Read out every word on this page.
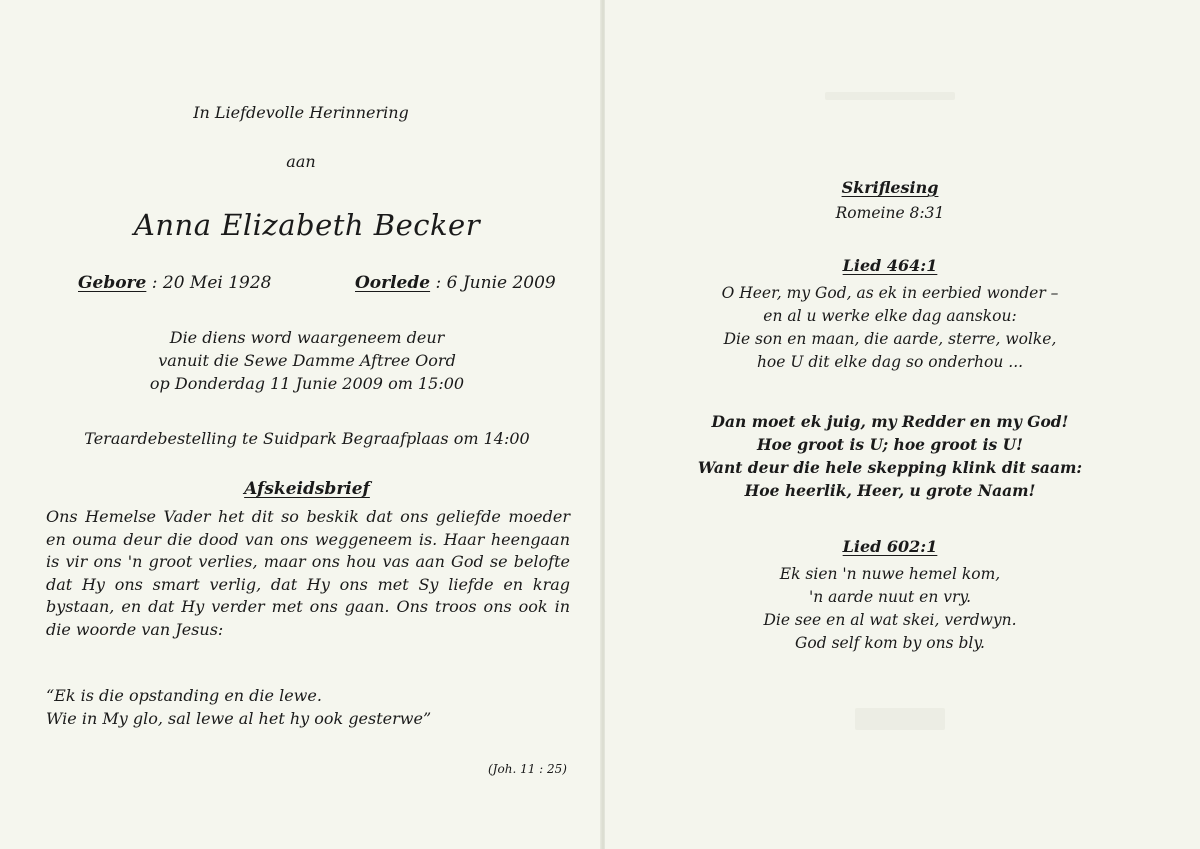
In Liefdevolle Herinnering
aan
Anna Elizabeth Becker
Gebore : 20 Mei 1928	Oorlede : 6 Junie 2009
Die diens word waargeneem deur
vanuit die Sewe Damme Aftree Oord
op Donderdag 11 Junie 2009 om 15:00
Teraardebestelling te Suidpark Begraafplaas om 14:00
Afskeidsbrief
Ons Hemelse Vader het dit so beskik dat ons geliefde moeder en ouma deur die dood van ons weggeneem is. Haar heengaan is vir ons 'n groot verlies, maar ons hou vas aan God se belofte dat Hy ons smart verlig, dat Hy ons met Sy liefde en krag bystaan, en dat Hy verder met ons gaan. Ons troos ons ook in die woorde van Jesus:
“Ek is die opstanding en die lewe.
Wie in My glo, sal lewe al het hy ook gesterwe”
(Joh. 11 : 25)
Skriflesing
Romeine 8:31
Lied 464:1
O Heer, my God, as ek in eerbied wonder –
en al u werke elke dag aanskou:
Die son en maan, die aarde, sterre, wolke,
hoe U dit elke dag so onderhou ...
Dan moet ek juig, my Redder en my God!
Hoe groot is U; hoe groot is U!
Want deur die hele skepping klink dit saam:
Hoe heerlik, Heer, u grote Naam!
Lied 602:1
Ek sien 'n nuwe hemel kom,
'n aarde nuut en vry.
Die see en al wat skei, verdwyn.
God self kom by ons bly.
